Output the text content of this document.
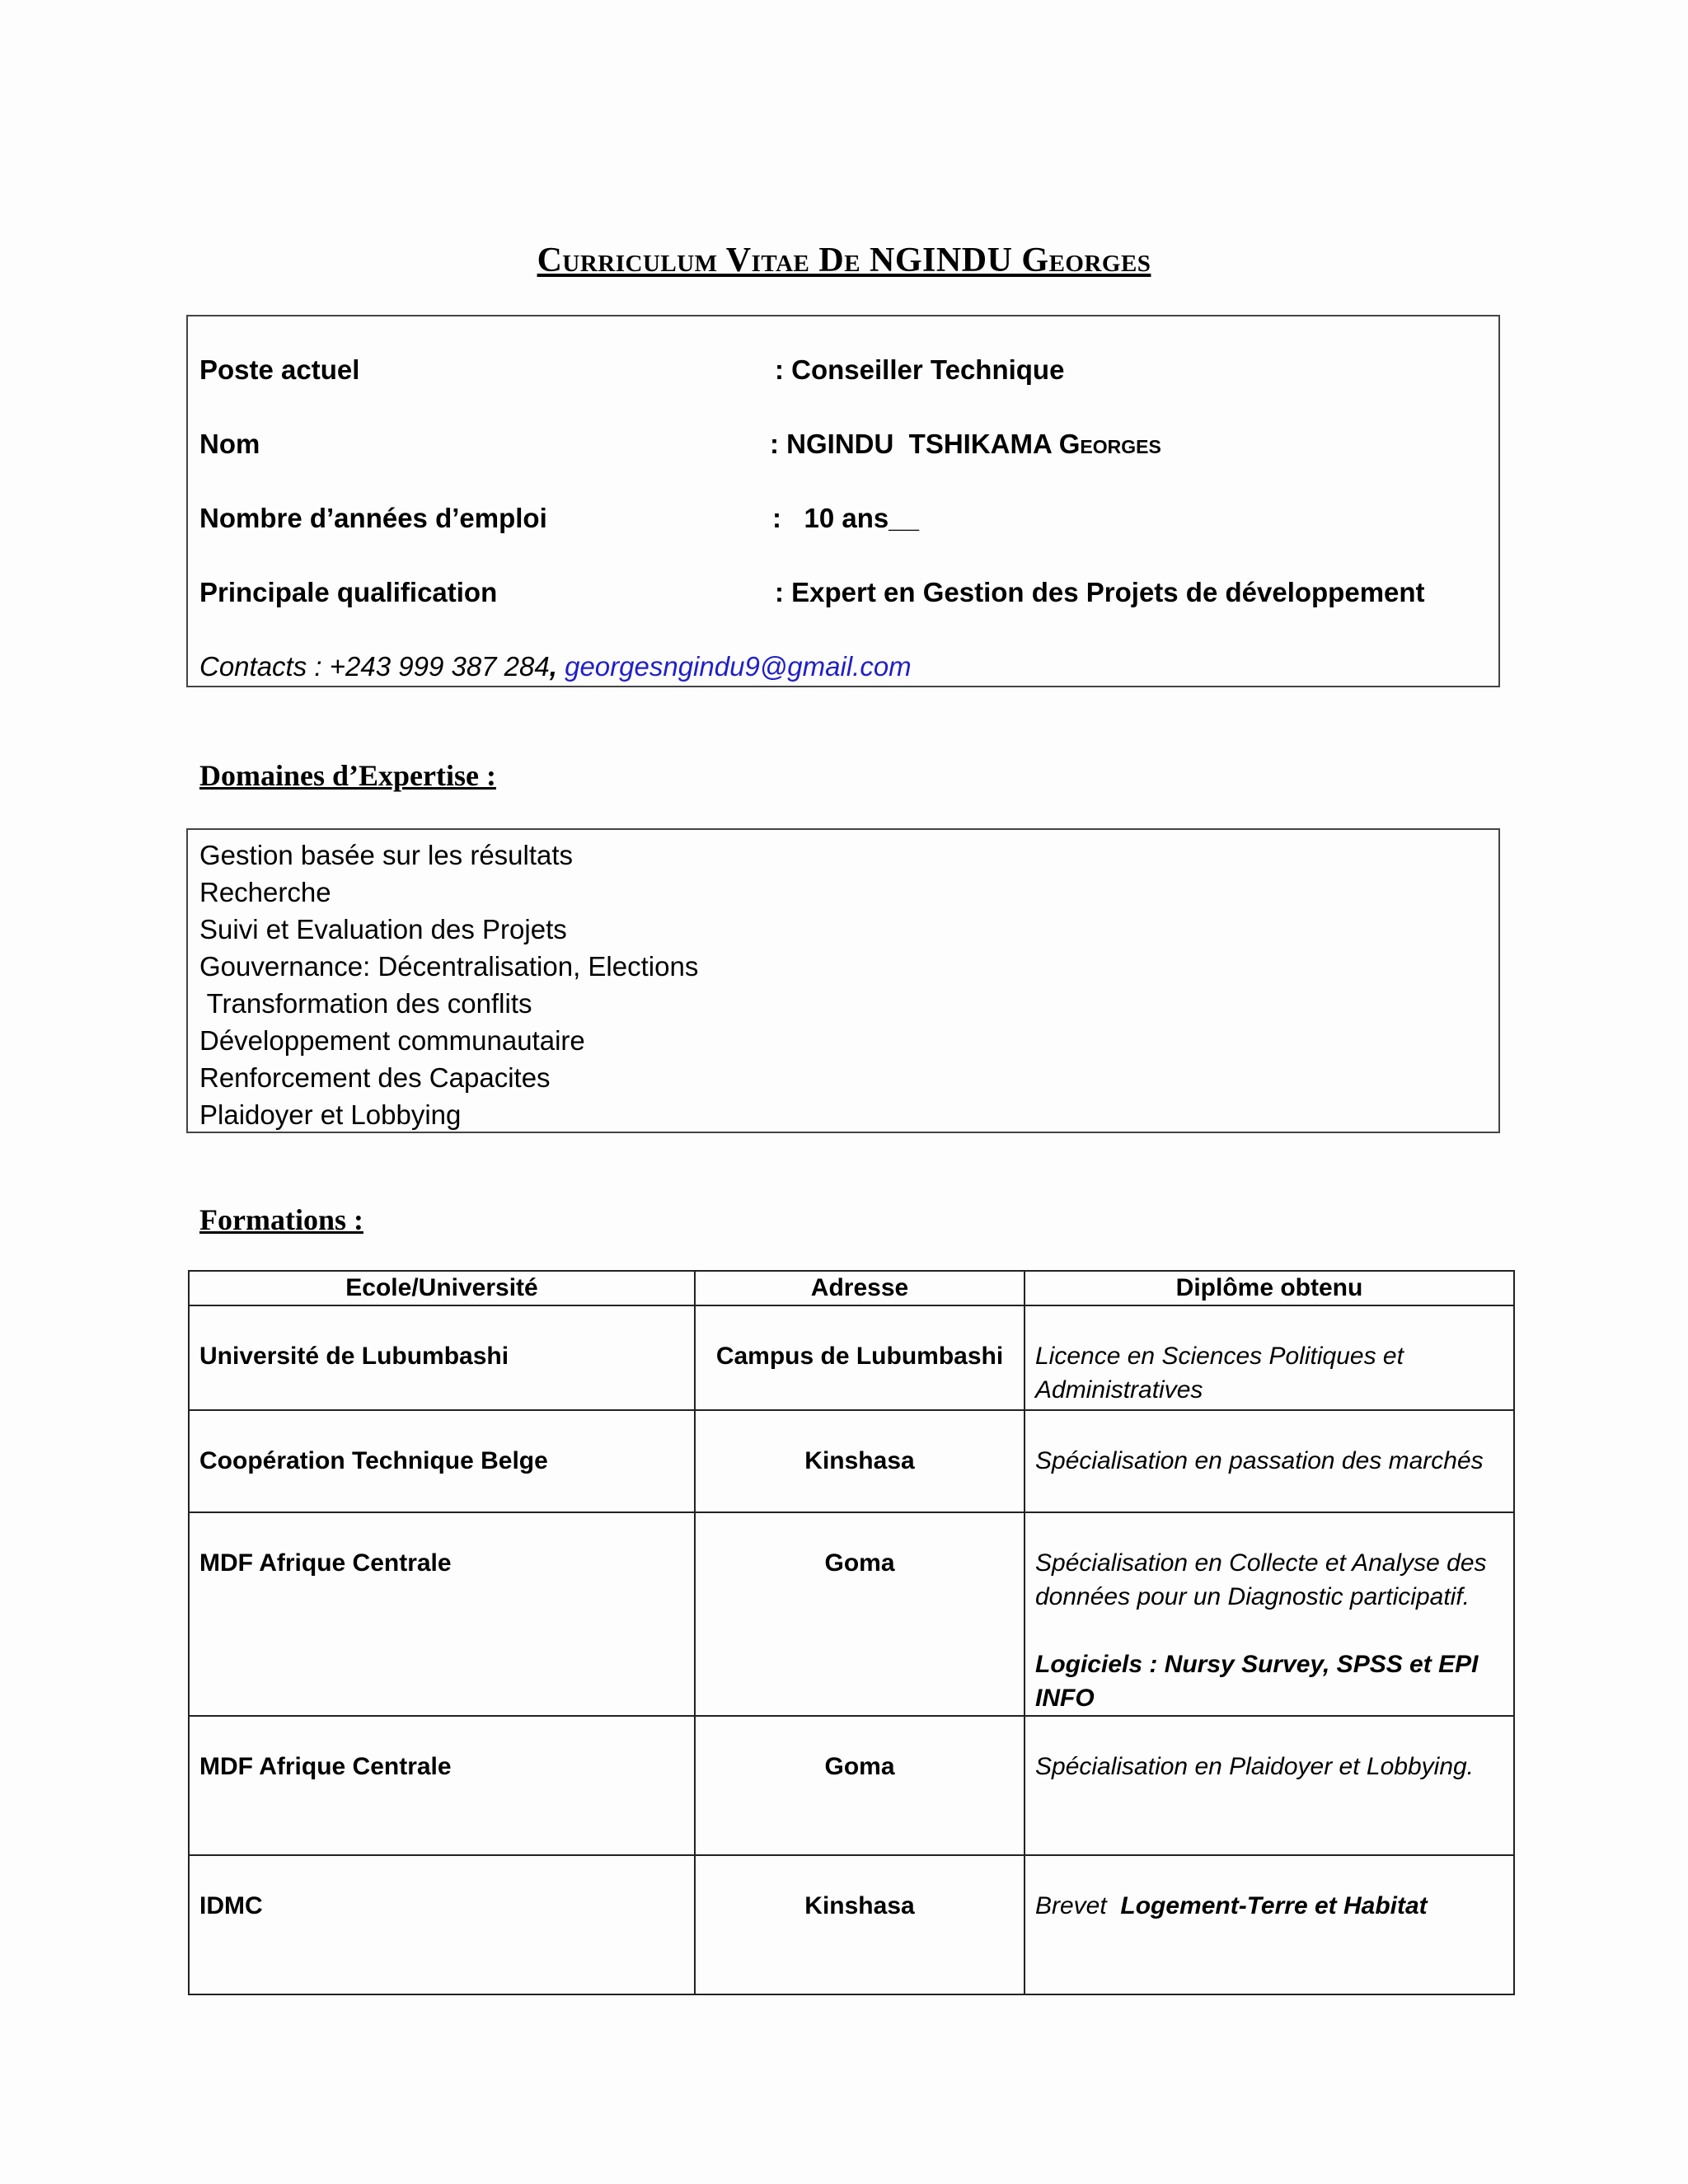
Curriculum Vitae De NGINDU Georges
Poste actuel	: Conseiller Technique
Nom	: NGINDU  TSHIKAMA Georges
Nombre d’années d’emploi	:   10 ans__
Principale qualification	: Expert en Gestion des Projets de développement
Contacts : +243 999 387 284, georgesngindu9@gmail.com
Domaines d’Expertise :
Gestion basée sur les résultats
Recherche
Suivi et Evaluation des Projets
Gouvernance: Décentralisation, Elections
Transformation des conflits
Développement communautaire
Renforcement des Capacites
Plaidoyer et Lobbying
Formations :
Ecole/Université	Adresse	Diplôme obtenu

Université de Lubumbashi	Campus de Lubumbashi	Licence en Sciences Politiques et Administratives

Coopération Technique Belge	Kinshasa	Spécialisation en passation des marchés

MDF Afrique Centrale	Goma	Spécialisation en Collecte et Analyse des données pour un Diagnostic participatif.
Logiciels : Nursy Survey, SPSS et EPI INFO

MDF Afrique Centrale	Goma	Spécialisation en Plaidoyer et Lobbying.

IDMC	Kinshasa	Brevet  Logement-Terre et Habitat
